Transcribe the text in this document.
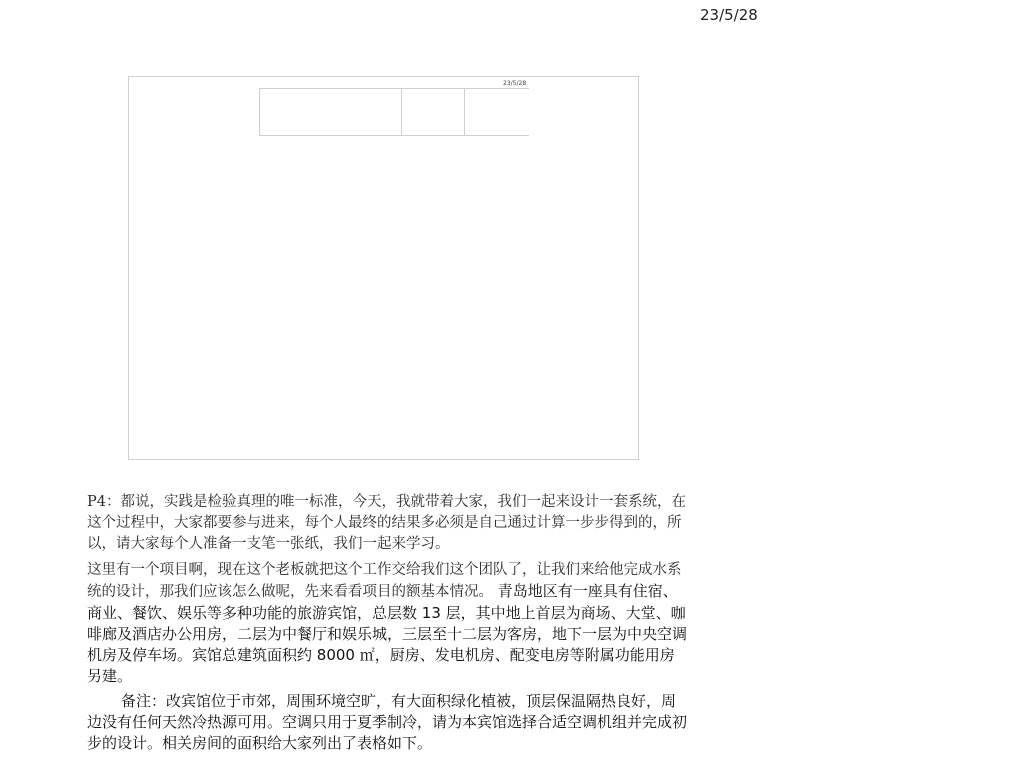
23/5/28
23/5/28

P4：都说，实践是检验真理的唯一标准，今天，我就带着大家，我们一起来设计一套系统，在这个过程中，大家都要参与进来，每个人最终的结果多必须是自己通过计算一步步得到的，所以，请大家每个人准备一支笔一张纸，我们一起来学习。

这里有一个项目啊，现在这个老板就把这个工作交给我们这个团队了，让我们来给他完成水系统的设计，那我们应该怎么做呢，先来看看项目的额基本情况。 青岛地区有一座具有住宿、商业、餐饮、娱乐等多种功能的旅游宾馆，总层数 13 层，其中地上首层为商场、大堂、咖啡廊及酒店办公用房，二层为中餐厅和娱乐城，三层至十二层为客房，地下一层为中央空调机房及停车场。宾馆总建筑面积约 8000 ㎡，厨房、发电机房、配变电房等附属功能用房另建。

备注：改宾馆位于市郊，周围环境空旷，有大面积绿化植被，顶层保温隔热良好，周边没有任何天然冷热源可用。空调只用于夏季制冷，请为本宾馆选择合适空调机组并完成初步的设计。相关房间的面积给大家列出了表格如下。
